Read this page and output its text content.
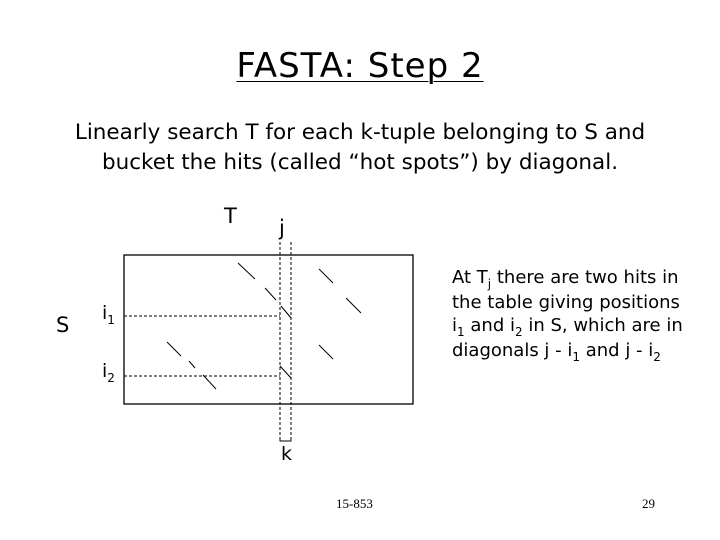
FASTA: Step 2
Linearly search T for each k-tuple belonging to S and
bucket the hits (called “hot spots”) by diagonal.
T j
S $i_1$
$i_2$
k
At $T_j$ there are two hits in the table giving positions $i_1$ and $i_2$ in S, which are in diagonals j - $i_1$ and j - $i_2$
15-853	29
